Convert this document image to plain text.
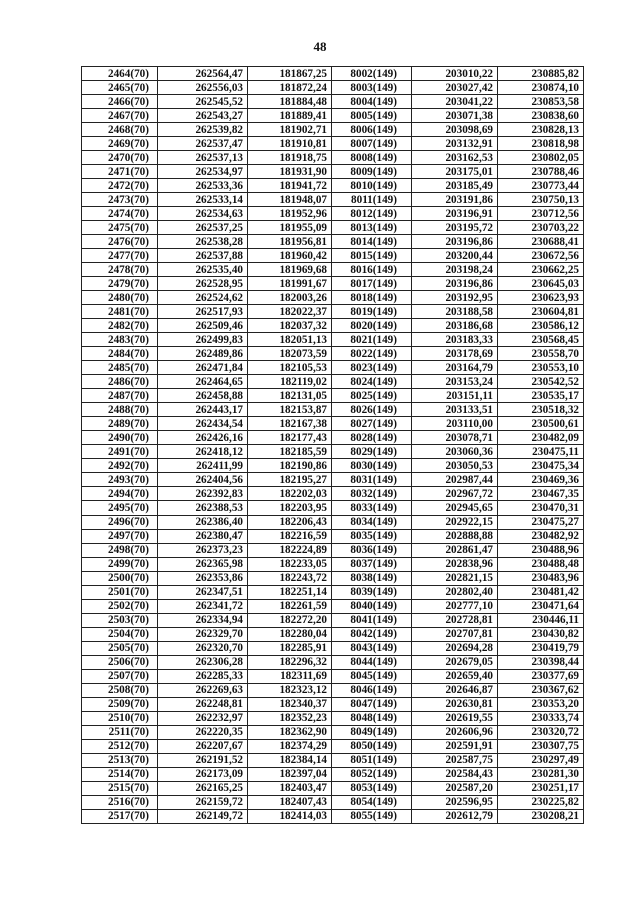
48
2464(70)	262564,47	181867,25	8002(149)	203010,22	230885,82
2465(70)	262556,03	181872,24	8003(149)	203027,42	230874,10
2466(70)	262545,52	181884,48	8004(149)	203041,22	230853,58
2467(70)	262543,27	181889,41	8005(149)	203071,38	230838,60
2468(70)	262539,82	181902,71	8006(149)	203098,69	230828,13
2469(70)	262537,47	181910,81	8007(149)	203132,91	230818,98
2470(70)	262537,13	181918,75	8008(149)	203162,53	230802,05
2471(70)	262534,97	181931,90	8009(149)	203175,01	230788,46
2472(70)	262533,36	181941,72	8010(149)	203185,49	230773,44
2473(70)	262533,14	181948,07	8011(149)	203191,86	230750,13
2474(70)	262534,63	181952,96	8012(149)	203196,91	230712,56
2475(70)	262537,25	181955,09	8013(149)	203195,72	230703,22
2476(70)	262538,28	181956,81	8014(149)	203196,86	230688,41
2477(70)	262537,88	181960,42	8015(149)	203200,44	230672,56
2478(70)	262535,40	181969,68	8016(149)	203198,24	230662,25
2479(70)	262528,95	181991,67	8017(149)	203196,86	230645,03
2480(70)	262524,62	182003,26	8018(149)	203192,95	230623,93
2481(70)	262517,93	182022,37	8019(149)	203188,58	230604,81
2482(70)	262509,46	182037,32	8020(149)	203186,68	230586,12
2483(70)	262499,83	182051,13	8021(149)	203183,33	230568,45
2484(70)	262489,86	182073,59	8022(149)	203178,69	230558,70
2485(70)	262471,84	182105,53	8023(149)	203164,79	230553,10
2486(70)	262464,65	182119,02	8024(149)	203153,24	230542,52
2487(70)	262458,88	182131,05	8025(149)	203151,11	230535,17
2488(70)	262443,17	182153,87	8026(149)	203133,51	230518,32
2489(70)	262434,54	182167,38	8027(149)	203110,00	230500,61
2490(70)	262426,16	182177,43	8028(149)	203078,71	230482,09
2491(70)	262418,12	182185,59	8029(149)	203060,36	230475,11
2492(70)	262411,99	182190,86	8030(149)	203050,53	230475,34
2493(70)	262404,56	182195,27	8031(149)	202987,44	230469,36
2494(70)	262392,83	182202,03	8032(149)	202967,72	230467,35
2495(70)	262388,53	182203,95	8033(149)	202945,65	230470,31
2496(70)	262386,40	182206,43	8034(149)	202922,15	230475,27
2497(70)	262380,47	182216,59	8035(149)	202888,88	230482,92
2498(70)	262373,23	182224,89	8036(149)	202861,47	230488,96
2499(70)	262365,98	182233,05	8037(149)	202838,96	230488,48
2500(70)	262353,86	182243,72	8038(149)	202821,15	230483,96
2501(70)	262347,51	182251,14	8039(149)	202802,40	230481,42
2502(70)	262341,72	182261,59	8040(149)	202777,10	230471,64
2503(70)	262334,94	182272,20	8041(149)	202728,81	230446,11
2504(70)	262329,70	182280,04	8042(149)	202707,81	230430,82
2505(70)	262320,70	182285,91	8043(149)	202694,28	230419,79
2506(70)	262306,28	182296,32	8044(149)	202679,05	230398,44
2507(70)	262285,33	182311,69	8045(149)	202659,40	230377,69
2508(70)	262269,63	182323,12	8046(149)	202646,87	230367,62
2509(70)	262248,81	182340,37	8047(149)	202630,81	230353,20
2510(70)	262232,97	182352,23	8048(149)	202619,55	230333,74
2511(70)	262220,35	182362,90	8049(149)	202606,96	230320,72
2512(70)	262207,67	182374,29	8050(149)	202591,91	230307,75
2513(70)	262191,52	182384,14	8051(149)	202587,75	230297,49
2514(70)	262173,09	182397,04	8052(149)	202584,43	230281,30
2515(70)	262165,25	182403,47	8053(149)	202587,20	230251,17
2516(70)	262159,72	182407,43	8054(149)	202596,95	230225,82
2517(70)	262149,72	182414,03	8055(149)	202612,79	230208,21
